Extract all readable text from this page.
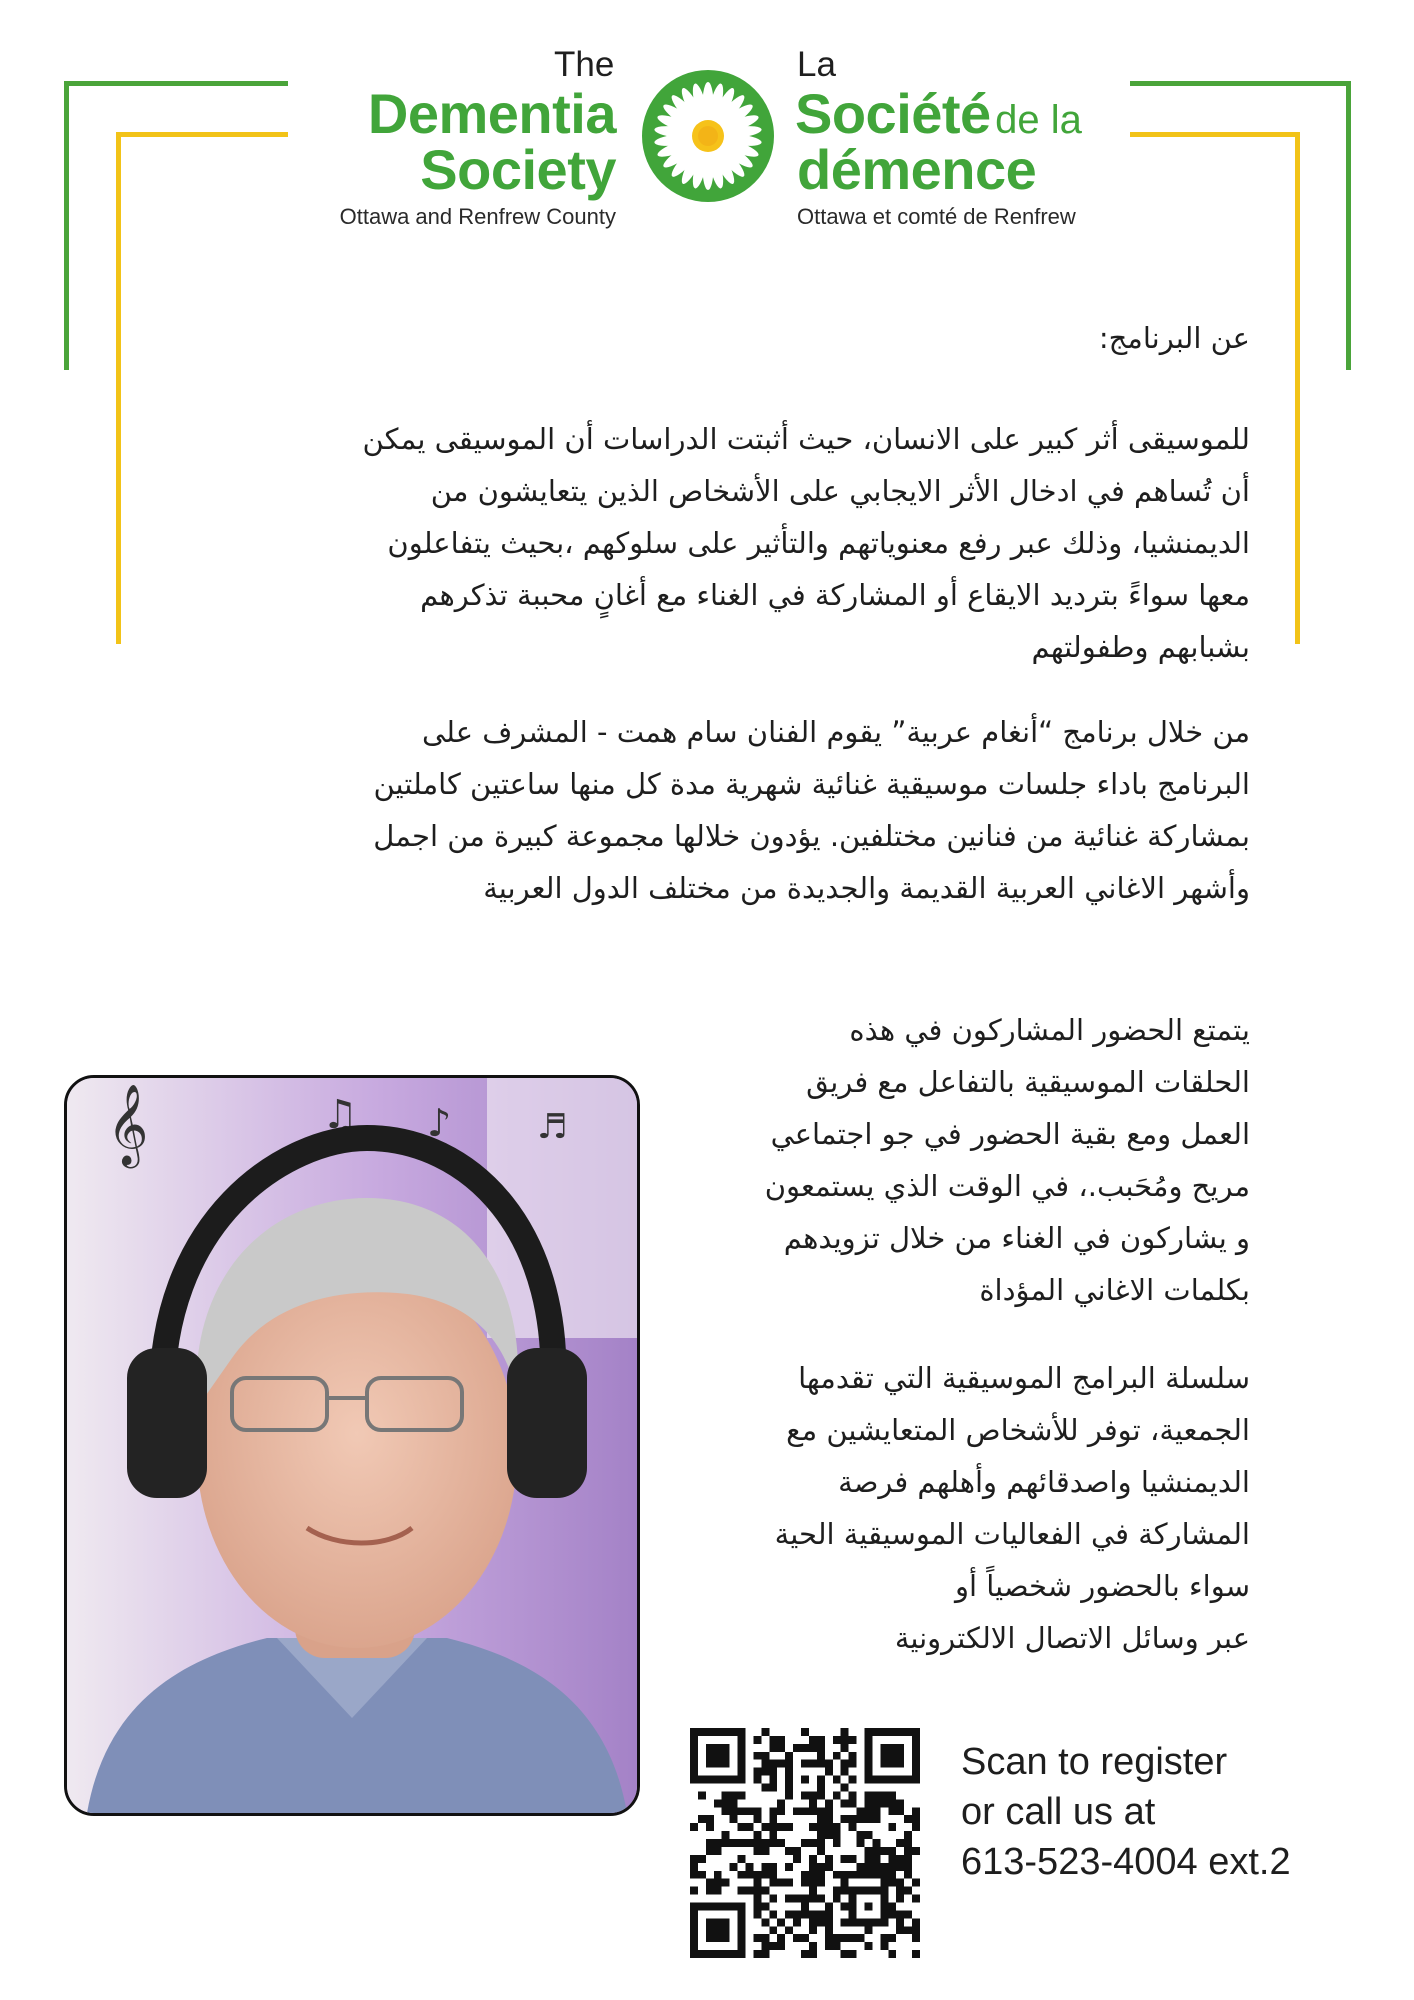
The
Dementia
Society
Ottawa and Renfrew County
La
Société de la
démence
Ottawa et comté de Renfrew
عن البرنامج:
للموسيقى أثر كبير على الانسان، حيث أثبتت الدراسات أن الموسيقى يمكن
أن تُساهم في ادخال الأثر الايجابي على الأشخاص الذين يتعايشون من
الديمنشيا، وذلك عبر رفع معنوياتهم والتأثير على سلوكهم ،بحيث يتفاعلون
معها سواءً بترديد الايقاع أو المشاركة في الغناء مع أغانٍ محببة تذكرهم
بشبابهم وطفولتهم
من خلال برنامج “أنغام عربية” يقوم الفنان سام همت - المشرف على
البرنامج باداء جلسات موسيقية غنائية شهرية مدة كل منها ساعتين كاملتين
بمشاركة غنائية من فنانين مختلفين. يؤدون خلالها مجموعة كبيرة من اجمل
وأشهر الاغاني العربية القديمة والجديدة من مختلف الدول العربية
يتمتع الحضور المشاركون في هذه
الحلقات الموسيقية بالتفاعل مع فريق
العمل ومع بقية الحضور في جو اجتماعي
مريح ومُحَبب.، في الوقت الذي يستمعون
و يشاركون في الغناء من خلال تزويدهم
بكلمات الاغاني المؤداة
سلسلة البرامج الموسيقية التي تقدمها
الجمعية، توفر للأشخاص المتعايشين مع
الديمنشيا واصدقائهم وأهلهم فرصة
المشاركة في الفعاليات الموسيقية الحية
سواء بالحضور شخصياً أو
عبر وسائل الاتصال الالكترونية
𝄞	♫ ♪	♬
Scan to register
or call us at
613-523-4004 ext.2
